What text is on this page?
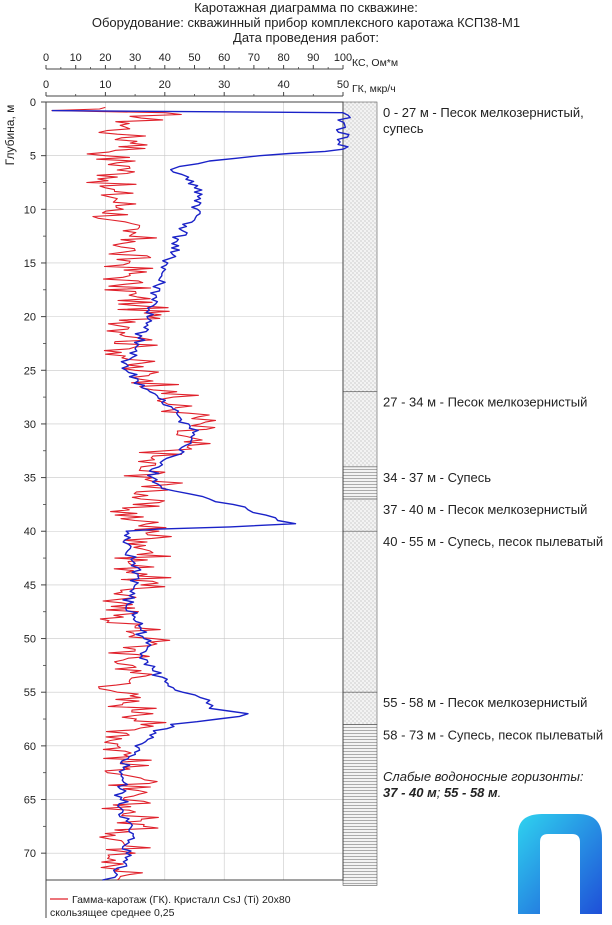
0 10 20 30 40 50 60 70 80 90 100 КС, Ом*м
0	10	20	30	40	50 ГК, мкр/ч
0
5
10
15
20
25
30
35
40
45
50
55
60
65
70
Глубина, м
Каротажная диаграмма по скважине:
Оборудование: скважинный прибор комплексного каротажа КСП38-М1
Дата проведения работ:
0 - 27 м - Песок мелкозернистый,
супесь
27 - 34 м - Песок мелкозернистый
34 - 37 м - Супесь
37 - 40 м - Песок мелкозернистый
40 - 55 м - Супесь, песок пылеватый
55 - 58 м - Песок мелкозернистый
58 - 73 м - Супесь, песок пылеватый
Слабые водоносные горизонты:
37 - 40 м; 55 - 58 м.
Гамма-каротаж (ГК). Кристалл CsJ (Ti) 20x80
скользящее среднее 0,25
